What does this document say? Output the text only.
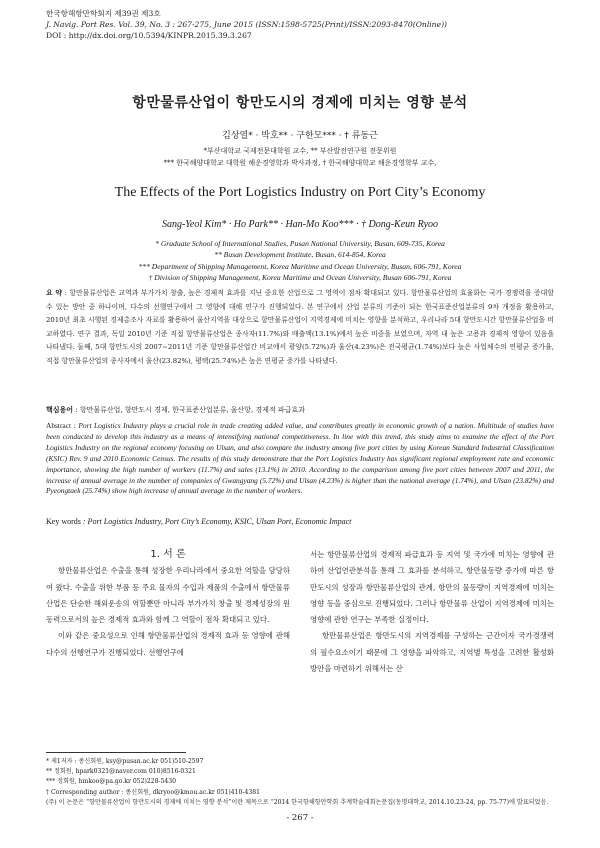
한국항해항만학회지 제39권 제3호
J. Navig. Port Res. Vol. 39, No. 3 : 267-275, June 2015 (ISSN:1598-5725(Print)/ISSN:2093-8470(Online))
DOI : http://dx.doi.org/10.5394/KINPR.2015.39.3.267
항만물류산업이 항만도시의 경제에 미치는 영향 분석
김상열* · 박호** · 구한모*** · † 류동근
*부산대학교 국제전문대학원 교수, ** 부산발전연구원 전문위원
*** 한국해양대학교 대학원 해운경영학과 박사과정, † 한국해양대학교 해운경영학부 교수,
The Effects of the Port Logistics Industry on Port City’s Economy
Sang-Yeol Kim* · Ho Park** · Han-Mo Koo*** · † Dong-Keun Ryoo
* Graduate School of International Studies, Pusan National University, Busan, 609-735, Korea
** Busan Development Institute, Busan, 614-854, Korea
*** Department of Shipping Management, Korea Maritime and Ocean University, Busan, 606-791, Korea
† Division of Shipping Management, Korea Maritime and Ocean University, Busan 606-791, Korea
요 약 : 항만물류산업은 교역과 부가가치 창출, 높은 경제적 효과를 지닌 중요한 산업으로 그 영역이 점차 확대되고 있다. 항만물류산업의 효율화는 국가 경쟁력을 증대할 수 있는 방안 중 하나이며, 다수의 선행연구에서 그 영향에 대해 연구가 진행되었다. 본 연구에서 산업 분류의 기준이 되는 한국표준산업분류의 9차 개정을 활용하고, 2010년 최초 시행된 경제총조사 자료를 활용하여 울산지역을 대상으로 항만물류산업이 지역경제에 미치는 영향을 분석하고, 우리나라 5대 항만도시간 항만물류산업을 비교하였다. 연구 결과, 독일 2010년 기준 직접 항만물류산업은 종사자(11.7%)와 매출액(13.1%)에서 높은 비중을 보였으며, 자역 내 높은 고용과 경제적 영향이 있음을 나타냈다. 둘째, 5대 항만도시의 2007~2011년 기준 항만물류산업간 비교에서 광양(5.72%)과 울산(4.23%)은 전국평균(1.74%)보다 높은 사업체수의 연평균 증가율, 직접 항만물류산업의 종사자에서 울산(23.82%), 평택(25.74%)은 높은 연평균 증가를 나타냈다.
핵심용어 : 항만물류산업, 항만도시 경제, 한국표준산업분류, 울산항, 경제적 파급효과
Abstract : Port Logistics Industry plays a crucial role in trade creating added value, and contributes greatly in economic growth of a nation. Multitude of studies have been conducted to develop this industry as a means of intensifying national competitiveness. In line with this trend, this study aims to examine the effect of the Port Logistics Industry on the regional economy focusing on Ulsan, and also compare the industry among five port cities by using Korean Standard Industrial Classification (KSIC) Rev. 9 and 2010 Economic Census. The results of this study demonstrate that the Port Logistics Industry has significant regional employment rate and economic importance, showing the high number of workers (11.7%) and sales (13.1%) in 2010. According to the comparison among five port cities between 2007 and 2011, the increase of annual average in the number of companies of Gwangyang (5.72%) and Ulsan (4.23%) is higher than the national average (1.74%), and Ulsan (23.82%) and Pyeongtaek (25.74%) show high increase of annual average in the number of workers.
Key words : Port Logistics Industry, Port City’s Economy, KSIC, Ulsan Port, Economic Impact

1. 서 론

항만물류산업은 수출을 통해 성장한 우리나라에서 중요한 역할을 담당하여 왔다. 수출을 위한 부품 등 주요 물자의 수입과 제품의 수출에서 항만물류 산업은 단순한 해외운송의 역할뿐만 아니라 부가가치 창출 및 경제성장의 원동력으로서의 높은 경제적 효과와 함께 그 역할이 점차 확대되고 있다.

이와 같은 중요성으로 인해 항만물류산업의 경제적 효과 등 영향에 관해 다수의 선행연구가 진행되었다. 선행연구에

서는 항만물류산업의 경제적 파급효과 등 지역 및 국가에 미치는 영향에 관하여 산업연관분석을 통해 그 효과를 분석하고, 항만물동량 증가에 따른 항만도시의 성장과 항만물류산업의 관계, 항만의 물동량이 지역경제에 미치는 영향 등을 중심으로 진행되었다. 그러나 항만물류 산업이 지역경제에 미치는 영향에 관한 연구는 부족한 실정이다.

항만물류산업은 항만도시의 지역경제를 구성하는 근간이자 국가경쟁력의 필수요소이기 때문에 그 영향을 파악하고, 지역별 특성을 고려한 활성화 방안을 마련하기 위해서는 산

* 제1저자 : 종신회원, ksy@pusan.ac.kr 051)510-2597
** 정회원, hpark0321@naver.com 010)8516-0321
*** 정회원, hmkoo@pa.go.kr 052)228-5430
† Corresponding author : 종신회원, dkryoo@kmou.ac.kr 051)410-4381
(주) 이 논문은 “항만물류산업이 항만도시의 경제에 미치는 영향 분석”이란 제목으로 “2014 한국항해항만학회 추계학술대회논문집(동명대학교, 2014.10.23-24, pp. 75-77)에 발표되었음.
- 267 -
